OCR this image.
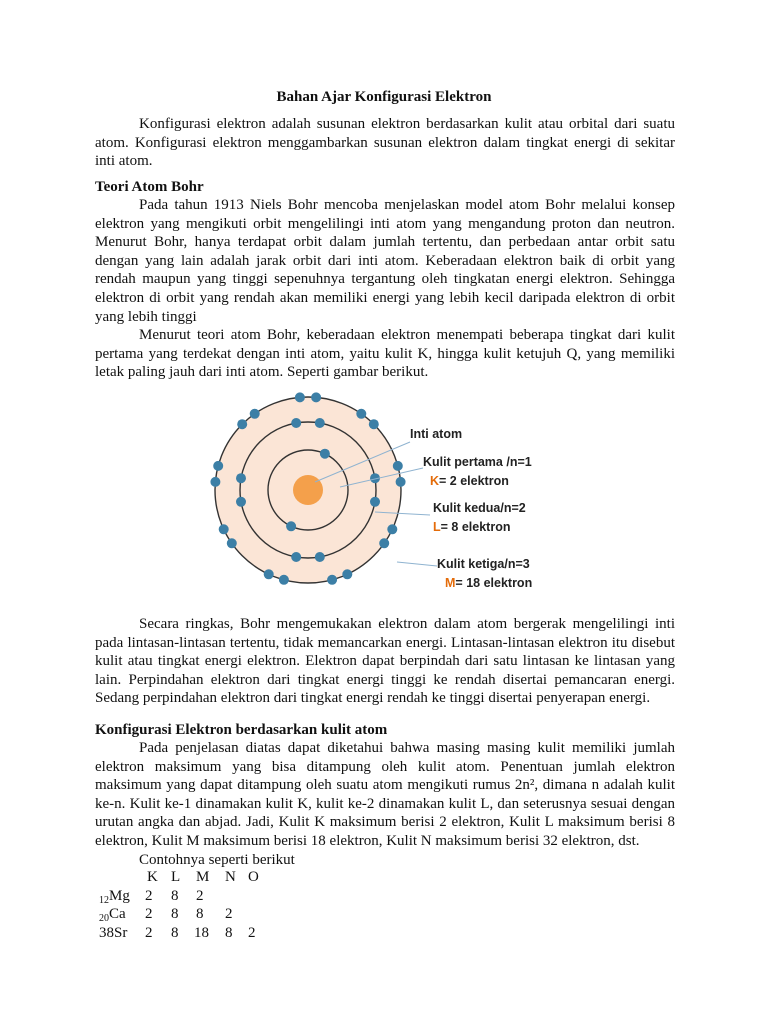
Bahan Ajar Konfigurasi Elektron

Konfigurasi elektron adalah susunan elektron berdasarkan kulit atau orbital dari suatu atom. Konfigurasi elektron menggambarkan susunan elektron dalam tingkat energi di sekitar inti atom.

Teori Atom Bohr

Pada tahun 1913 Niels Bohr mencoba menjelaskan model atom Bohr melalui konsep elektron yang mengikuti orbit mengelilingi inti atom yang mengandung proton dan neutron. Menurut Bohr, hanya terdapat orbit dalam jumlah tertentu, dan perbedaan antar orbit satu dengan yang lain adalah jarak orbit dari inti atom. Keberadaan elektron baik di orbit yang rendah maupun yang tinggi sepenuhnya tergantung oleh tingkatan energi elektron. Sehingga elektron di orbit yang rendah akan memiliki energi yang lebih kecil daripada elektron di orbit yang lebih tinggi

Menurut teori atom Bohr, keberadaan elektron menempati beberapa tingkat dari kulit pertama yang terdekat dengan inti atom, yaitu kulit K, hingga kulit ketujuh Q, yang memiliki letak paling jauh dari inti atom. Seperti gambar berikut.

Inti atom
Kulit pertama /n=1
K= 2 elektron
Kulit kedua/n=2
L= 8 elektron
Kulit ketiga/n=3
M= 18 elektron

Secara ringkas, Bohr mengemukakan elektron dalam atom bergerak mengelilingi inti pada lintasan-lintasan tertentu, tidak memancarkan energi. Lintasan-lintasan elektron itu disebut kulit atau tingkat energi elektron. Elektron dapat berpindah dari satu lintasan ke lintasan yang lain. Perpindahan elektron dari tingkat energi tinggi ke rendah disertai pemancaran energi. Sedang perpindahan elektron dari tingkat energi rendah ke tinggi disertai penyerapan energi.

Konfigurasi Elektron berdasarkan kulit atom

Pada penjelasan diatas dapat diketahui bahwa masing masing kulit memiliki jumlah elektron maksimum yang bisa ditampung oleh kulit atom. Penentuan jumlah elektron maksimum yang dapat ditampung oleh suatu atom mengikuti rumus 2n², dimana n adalah kulit ke-n. Kulit ke-1 dinamakan kulit K, kulit ke-2 dinamakan kulit L, dan seterusnya sesuai dengan urutan angka dan abjad. Jadi, Kulit K maksimum berisi 2 elektron, Kulit L maksimum berisi 8 elektron, Kulit M maksimum berisi 18 elektron, Kulit N maksimum berisi 32 elektron, dst.

Contohnya seperti berikut

K L M N O
$_{12}$Mg 2 8 2
$_{20}$Ca 2 8 8 2
38Sr 2 8 18 8 2
